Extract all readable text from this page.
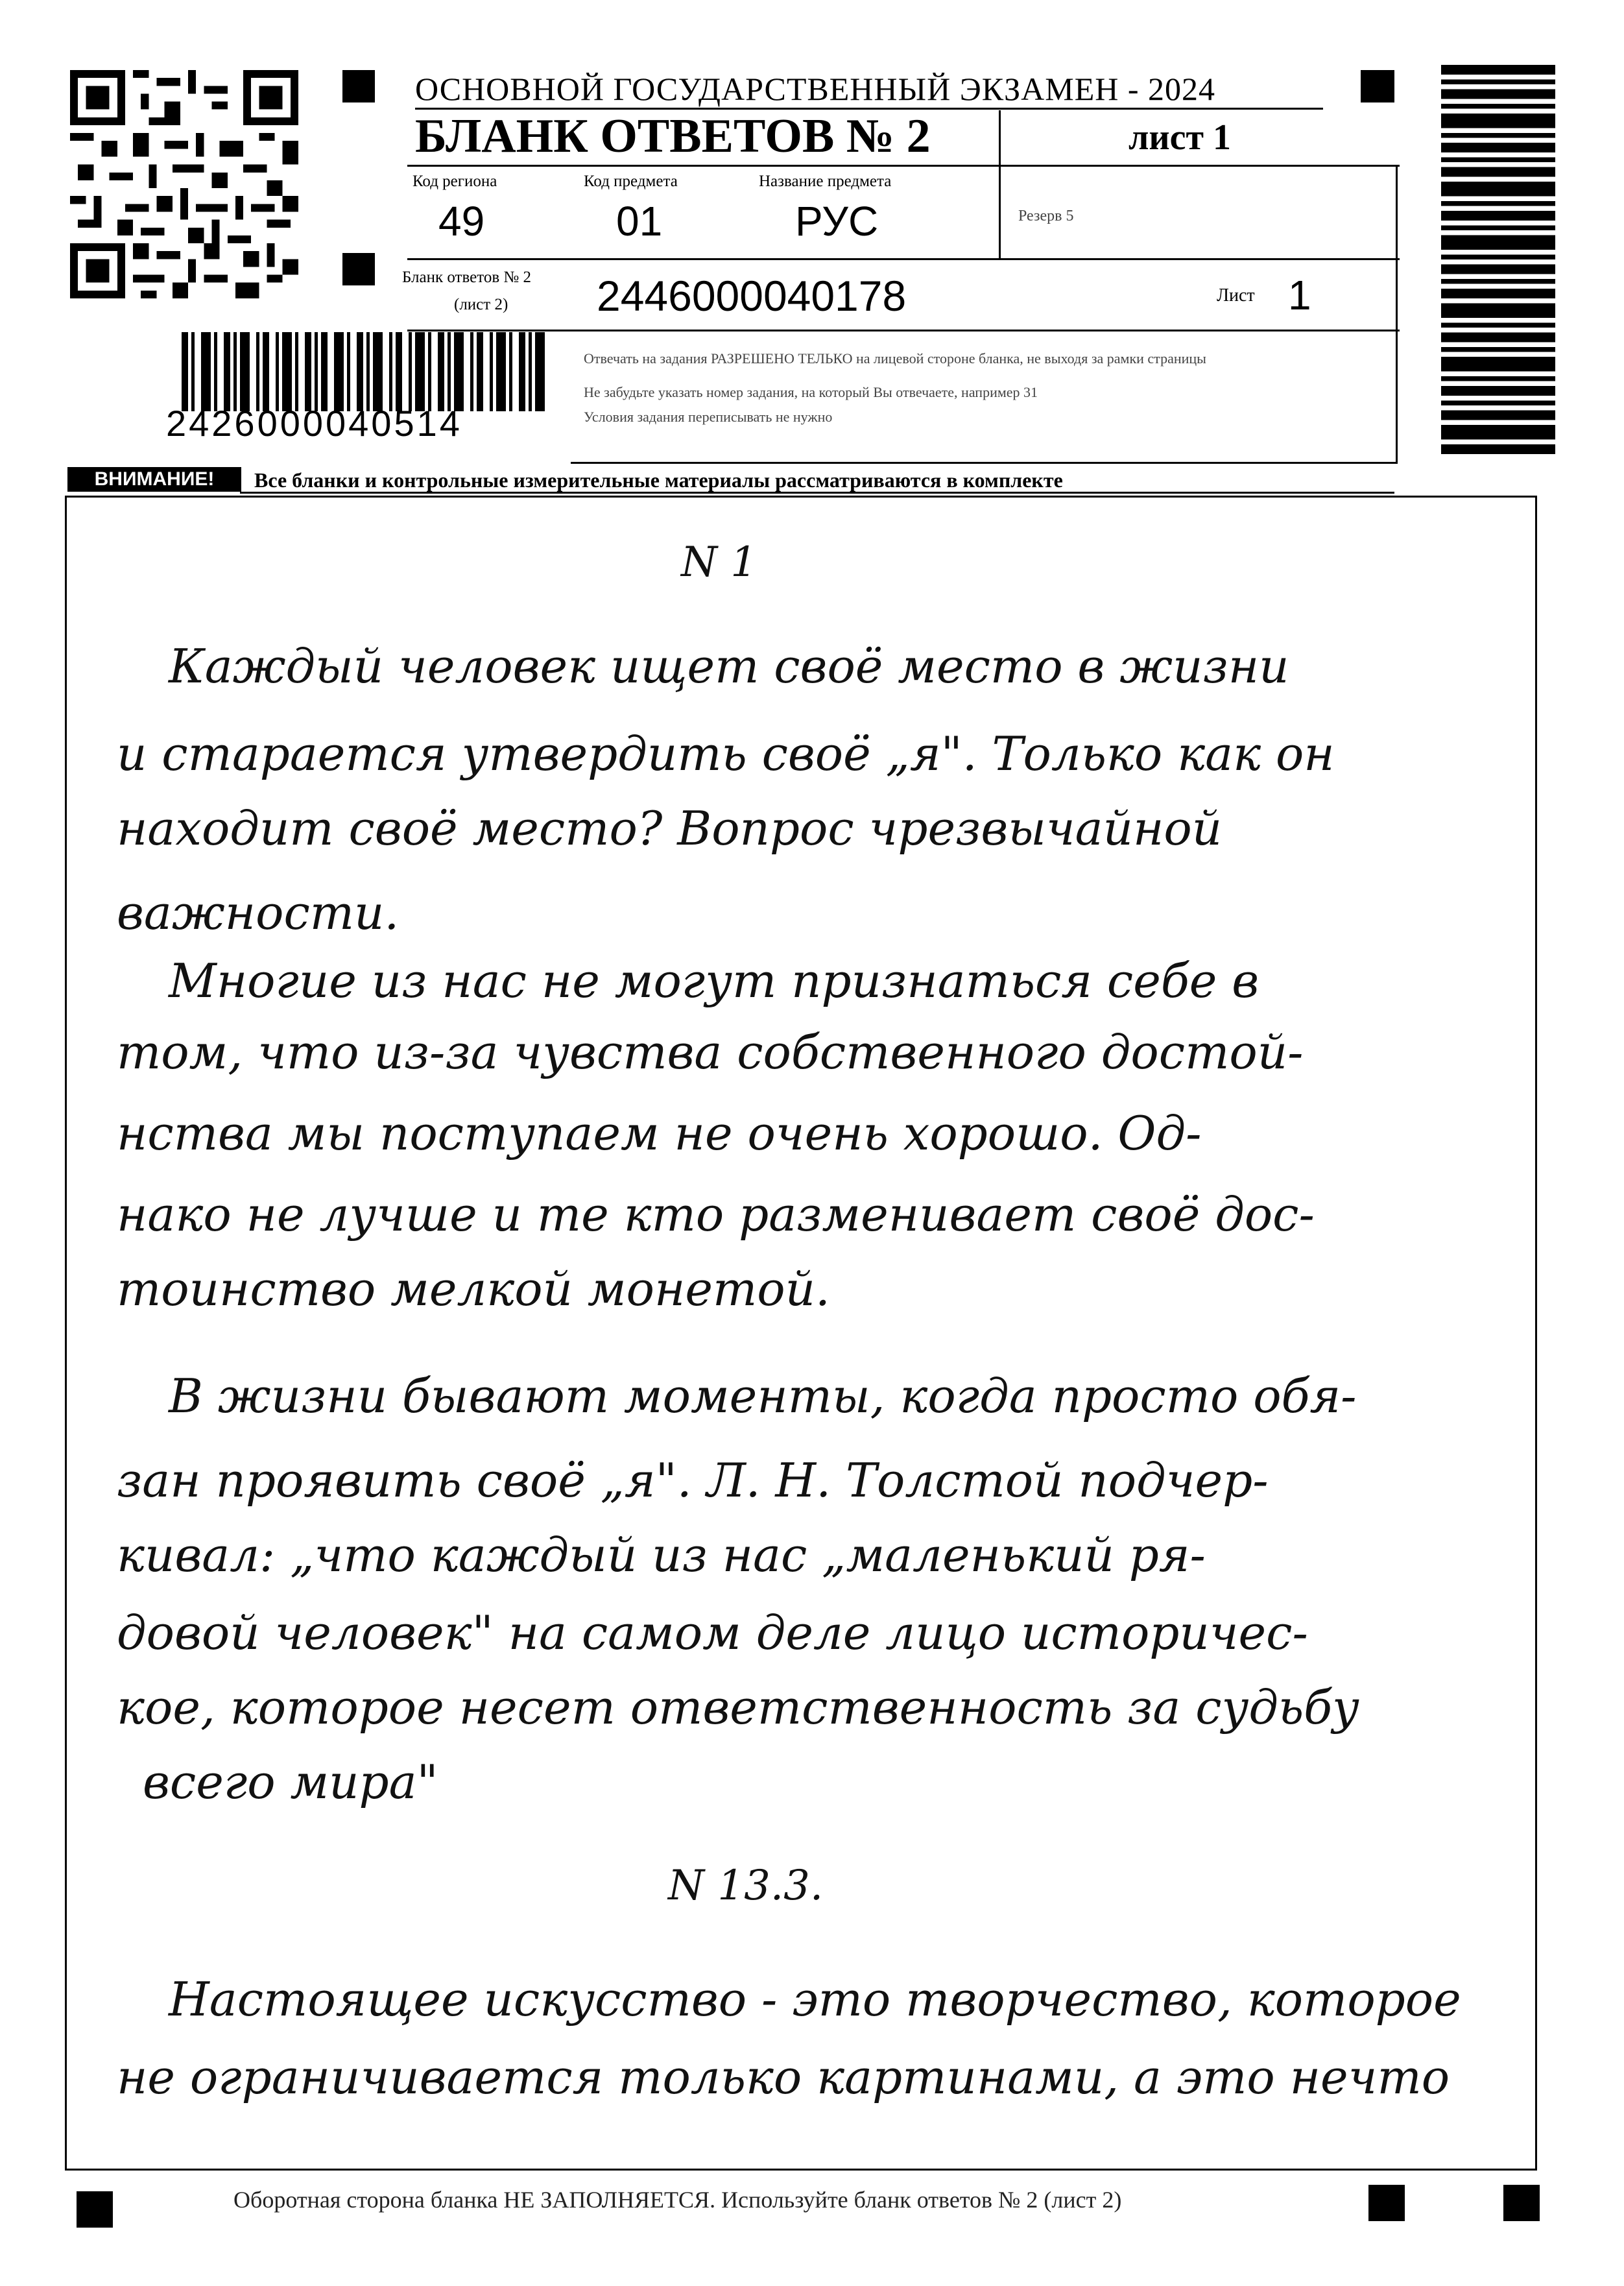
ОСНОВНОЙ ГОСУДАРСТВЕННЫЙ ЭКЗАМЕН - 2024
БЛАНК ОТВЕТОВ № 2	лист 1
Код региона
49
Код предмета
01
Название предмета
РУС	Резерв 5
Бланк ответов № 2
(лист 2) 2446000040178	Лист 1
Отвечать на задания РАЗРЕШЕНО ТЕЛЬКО на лицевой стороне бланка, не выходя за рамки страницы
Не забудьте указать номер задания, на который Вы отвечаете, например 31
Условия задания переписывать не нужно
2426000040514
ВНИМАНИЕ!	Все бланки и контрольные измерительные материалы рассматриваются в комплекте
N 1
Каждый человек ищет своё место в жизни
и старается утвердить своё „я". Только как он
находит своё место? Вопрос чрезвычайной
важности.
Многие из нас не могут признаться себе в
том, что из-за чувства собственного достой-
нства мы поступаем не очень хорошо. Од-
нако не лучше и те кто разменивает своё дос-
тоинство мелкой монетой.
В жизни бывают моменты, когда просто обя-
зан проявить своё „я". Л. Н. Толстой подчер-
кивал: „что каждый из нас „маленький ря-
довой человек" на самом деле лицо историчес-
кое, которое несет ответственность за судьбу
всего мира"
N 13.3.
Настоящее искусство - это творчество, которое
не ограничивается только картинами, а это нечто
Оборотная сторона бланка НЕ ЗАПОЛНЯЕТСЯ. Используйте бланк ответов № 2 (лист 2)
